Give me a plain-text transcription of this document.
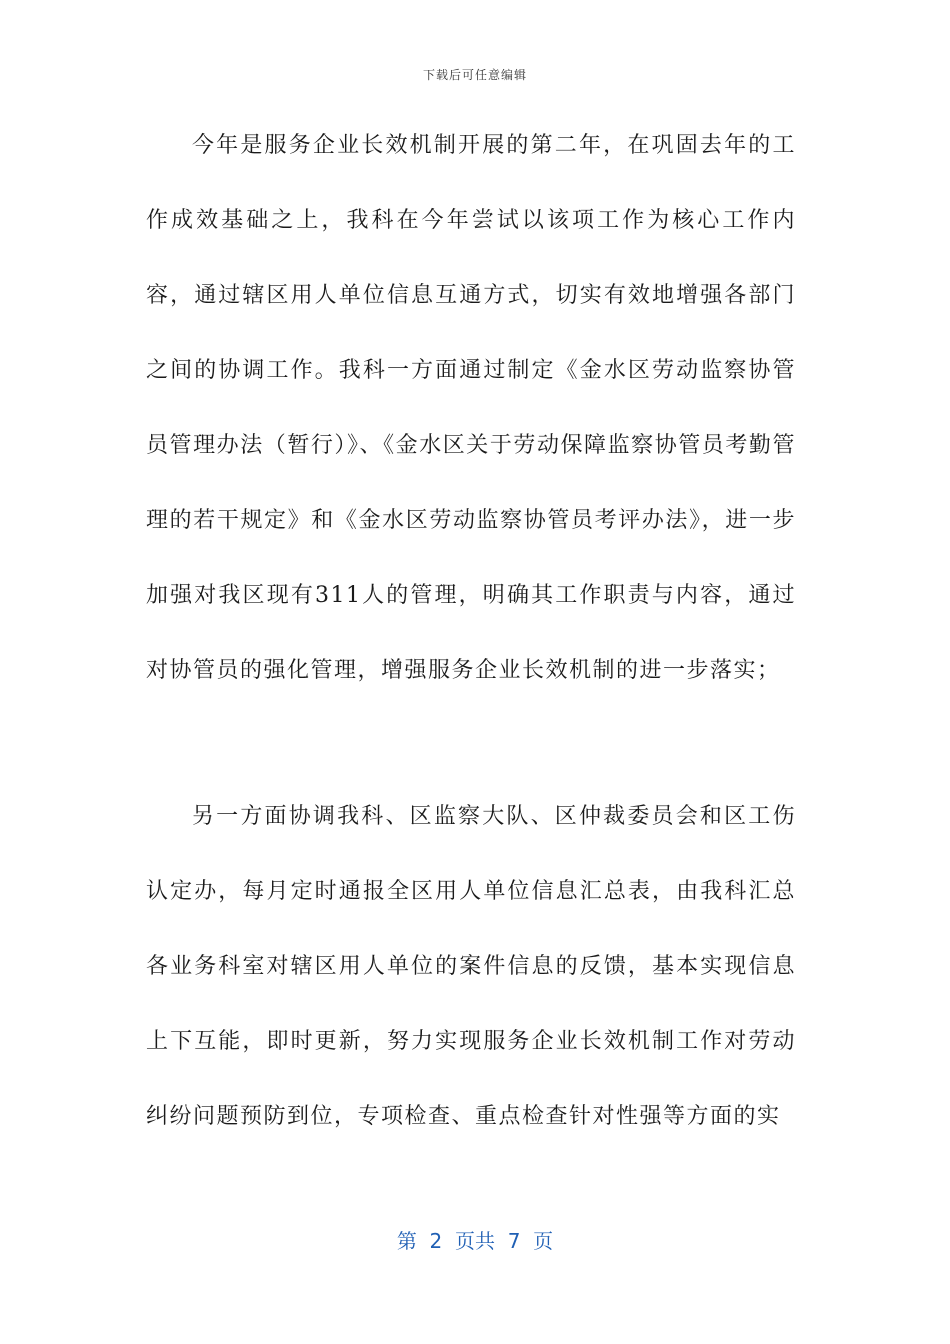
下载后可任意编辑

今年是服务企业长效机制开展的第二年，在巩固去年的工作成效基础之上，我科在今年尝试以该项工作为核心工作内容，通过辖区用人单位信息互通方式，切实有效地增强各部门之间的协调工作。我科一方面通过制定《金水区劳动监察协管员管理办法（暂行）》、《金水区关于劳动保障监察协管员考勤管理的若干规定》和《金水区劳动监察协管员考评办法》，进一步加强对我区现有311人的管理，明确其工作职责与内容，通过对协管员的强化管理，增强服务企业长效机制的进一步落实；

另一方面协调我科、区监察大队、区仲裁委员会和区工伤认定办，每月定时通报全区用人单位信息汇总表，由我科汇总各业务科室对辖区用人单位的案件信息的反馈，基本实现信息上下互能，即时更新，努力实现服务企业长效机制工作对劳动纠纷问题预防到位，专项检查、重点检查针对性强等方面的实

第  2  页共  7  页
